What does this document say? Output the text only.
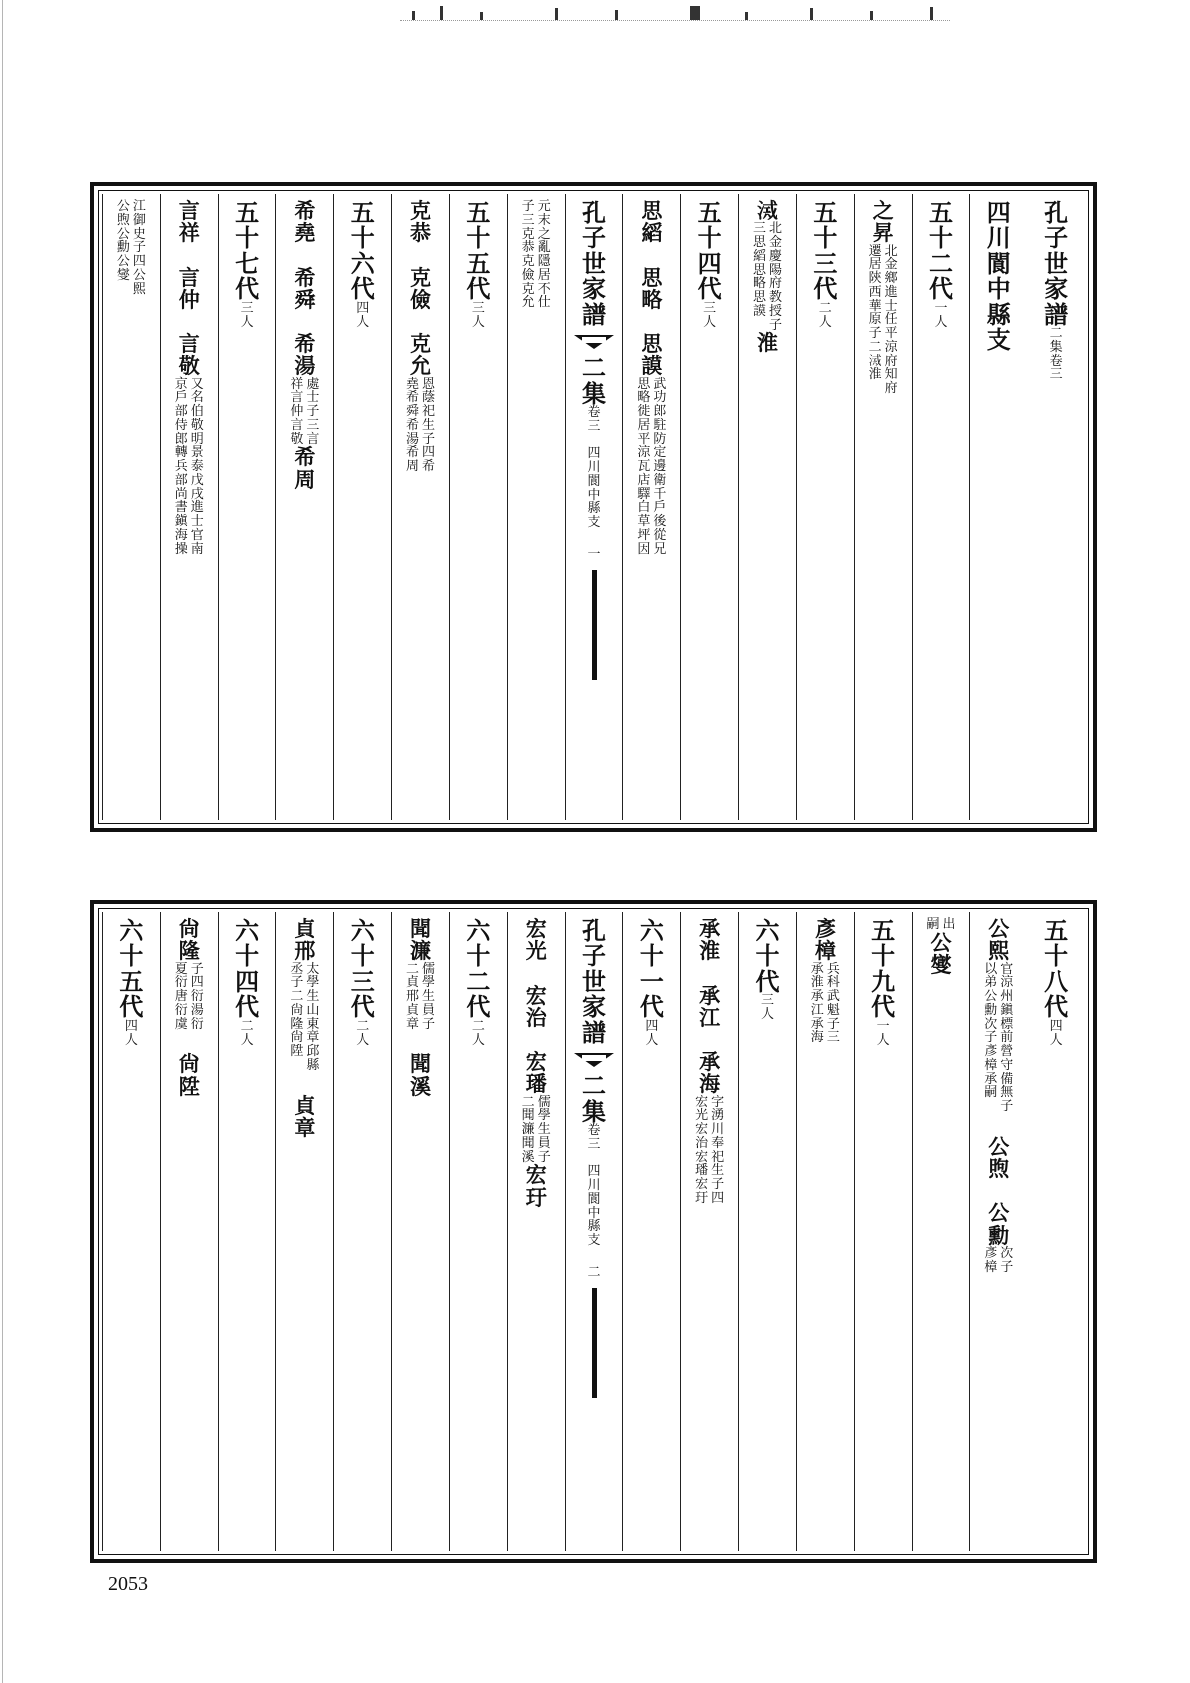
孔
子
世
家
譜
二
集
卷
三
四
川
閬
中
縣
支
五
十
二
代
一
人
之
昇
北
金
鄉
進
士
任
平
涼
府
知
府
遷
居
陝
西
華
原
子
二
𣸂
淮
五
十
三
代
二
人
𣸂
北
金
慶
陽
府
教
授
子
三
思
縚
思
略
思
謨
淮
五
十
四
代
三
人
思
縚
思
略
思
謨
武
功
郎
駐
防
定
邊
衛
千
戶
後
從
兄
思
略
徙
居
平
涼
瓦
店
驛
白
草
坪
因
孔
子
世
家
譜
二
集
卷
三

四
川
閬
中
縣
支
一
元
末
之
亂
隱
居
不
仕
子
三
克
恭
克
儉
克
允
五
十
五
代
三
人
克
恭
克
儉
克
允
恩
蔭
祀
生
子
四
希
堯
希
舜
希
湯
希
周
五
十
六
代
四
人
希
堯
希
舜
希
湯
處
士
子
三
言
祥
言
仲
言
敬
希
周
五
十
七
代
三
人
言
祥
言
仲
言
敬
又
名
伯
敬
明
景
泰
戊
戌
進
士
官
南
京
戶
部
侍
郎
轉
兵
部
尚
書
鎭
海
操
江
御
史
子
四
公
熙
公
煦
公
勳
公
燮
五
十
八
代
四
人
公
熙
官
涼
州
鎭
標
前
營
守
備
無
子
以
弟
公
勳
次
子
彥
樟
承
嗣
公
煦
公
勳
次
子
彥
樟
出
嗣
公
燮
五
十
九
代
一
人
彥
樟
兵
科
武
魁
子
三
承
淮
承
江
承
海
六
十
代
三
人
承
淮
承
江
承
海
字
湧
川
奉
祀
生
子
四
宏
光
宏
治
宏
璠
宏
玗
六
十
一
代
四
人
孔
子
世
家
譜
二
集
卷
三

四
川
閬
中
縣
支
二
宏
光
宏
治
宏
璠
儒
學
生
員
子
二
聞
濂
聞
溪
宏
玗
六
十
二
代
二
人
聞
濂
儒
學
生
員
子
二
貞
邢
貞
章
聞
溪
六
十
三
代
二
人
貞
邢
太
學
生
山
東
章
邱
縣
丞
子
二
尙
隆
尙
陞
貞
章
六
十
四
代
二
人
尙
隆
子
四
衍
湯
衍
夏
衍
唐
衍
虞
尙
陞
六
十
五
代
四
人
2053
